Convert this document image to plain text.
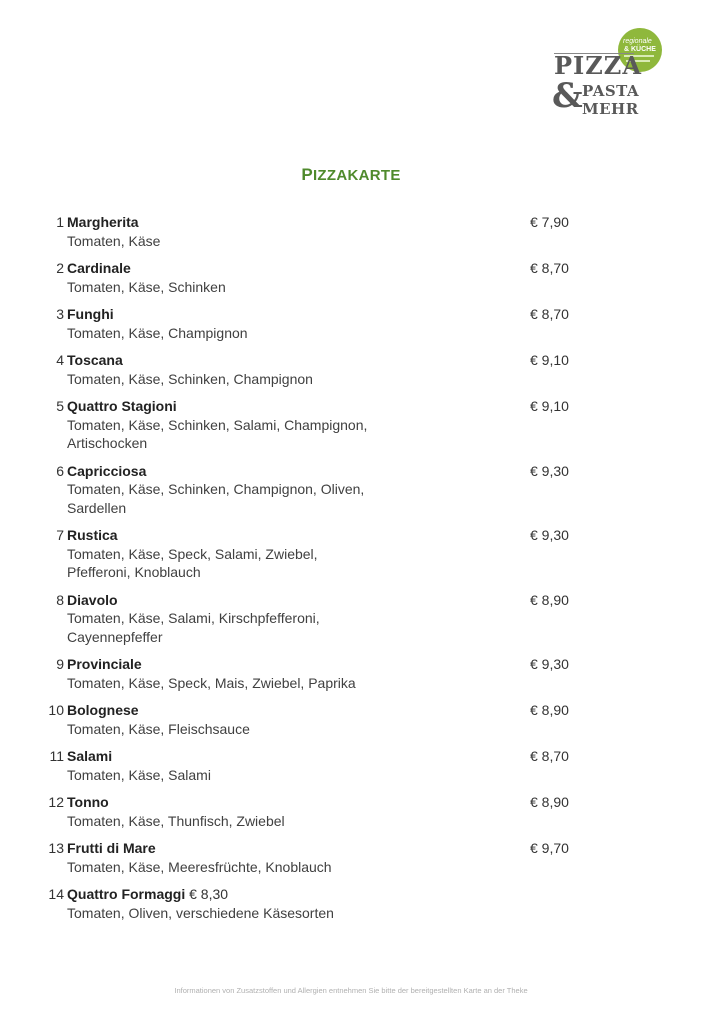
regionale
& KÜCHE
PIZZA
& PASTA
MEHR
PIZZAKARTE
1 Margherita	€ 7,90
Tomaten, Käse
2 Cardinale	€ 8,70
Tomaten, Käse, Schinken
3 Funghi	€ 8,70
Tomaten, Käse, Champignon
4 Toscana	€ 9,10
Tomaten, Käse, Schinken, Champignon
5 Quattro Stagioni	€ 9,10
Tomaten, Käse, Schinken, Salami, Champignon, Artischocken
6 Capricciosa	€ 9,30
Tomaten, Käse, Schinken, Champignon, Oliven, Sardellen
7 Rustica	€ 9,30
Tomaten, Käse, Speck, Salami, Zwiebel, Pfefferoni, Knoblauch
8 Diavolo	€ 8,90
Tomaten, Käse, Salami, Kirschpfefferoni, Cayennepfeffer
9 Provinciale	€ 9,30
Tomaten, Käse, Speck, Mais, Zwiebel, Paprika
10 Bolognese	€ 8,90
Tomaten, Käse, Fleischsauce
11 Salami	€ 8,70
Tomaten, Käse, Salami
12 Tonno	€ 8,90
Tomaten, Käse, Thunfisch, Zwiebel
13 Frutti di Mare	€ 9,70
Tomaten, Käse, Meeresfrüchte, Knoblauch
14 Quattro Formaggi € 8,30
Tomaten, Oliven, verschiedene Käsesorten
Informationen von Zusatzstoffen und Allergien entnehmen Sie bitte der bereitgestellten Karte an der Theke
